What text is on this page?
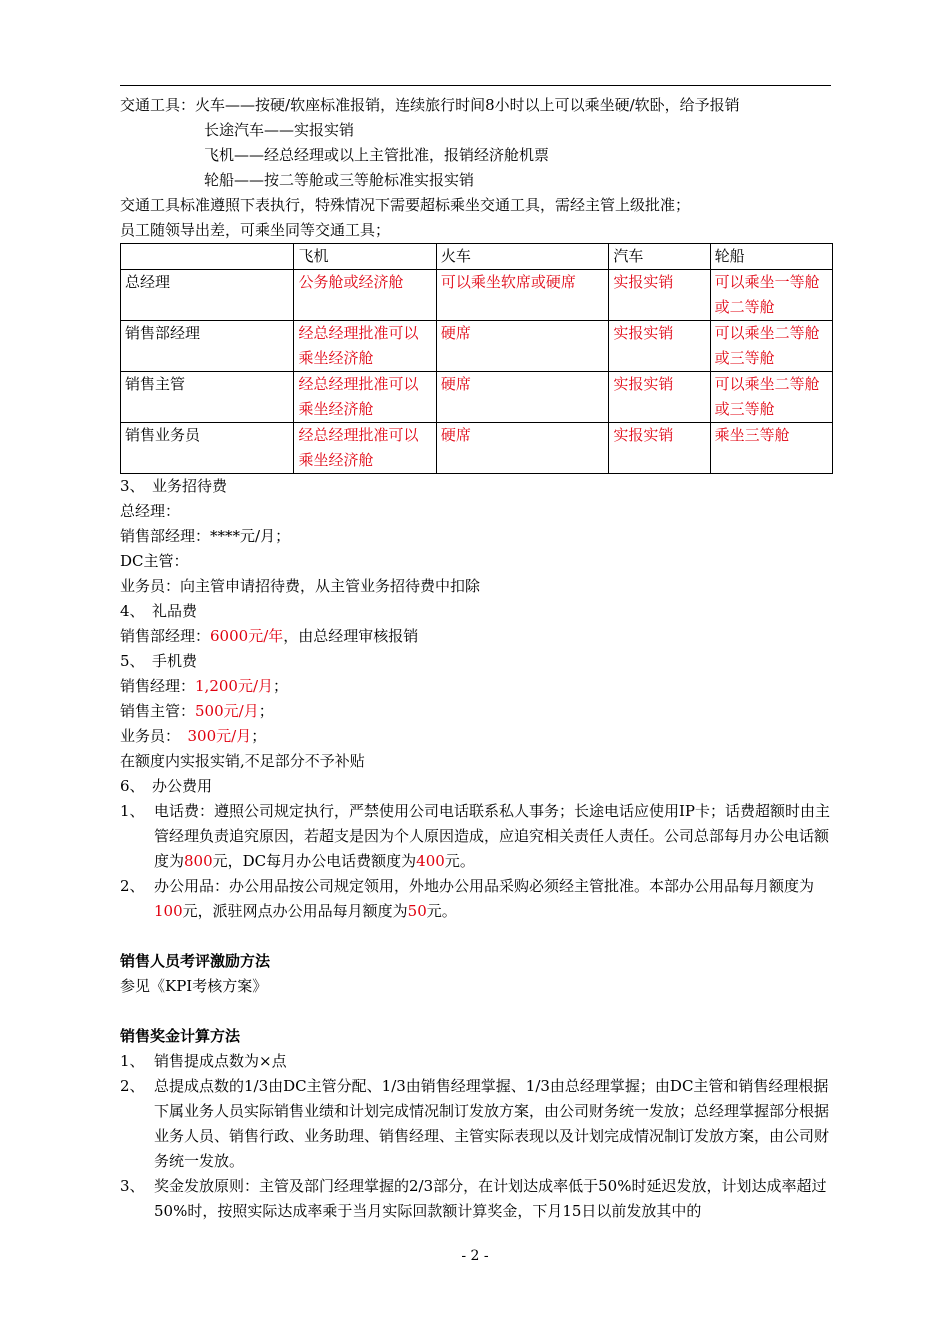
交通工具：火车——按硬/软座标准报销，连续旅行时间8小时以上可以乘坐硬/软卧，给予报销
长途汽车——实报实销
飞机——经总经理或以上主管批准，报销经济舱机票
轮船——按二等舱或三等舱标准实报实销
交通工具标准遵照下表执行，特殊情况下需要超标乘坐交通工具，需经主管上级批准；
员工随领导出差，可乘坐同等交通工具；
	飞机	火车	汽车	轮船
总经理	公务舱或经济舱	可以乘坐软席或硬席	实报实销	可以乘坐一等舱或二等舱
销售部经理	经总经理批准可以乘坐经济舱	硬席	实报实销	可以乘坐二等舱或三等舱
销售主管	经总经理批准可以乘坐经济舱	硬席	实报实销	可以乘坐二等舱或三等舱
销售业务员	经总经理批准可以乘坐经济舱	硬席	实报实销	乘坐三等舱
3、　业务招待费
总经理：
销售部经理：****元/月；
DC主管：
业务员：向主管申请招待费，从主管业务招待费中扣除
4、　礼品费
销售部经理：6000元/年，由总经理审核报销
5、　手机费
销售经理：1,200元/月；
销售主管：500元/月；
业务员：　300元/月；
在额度内实报实销,不足部分不予补贴
6、　办公费用
1、 电话费：遵照公司规定执行，严禁使用公司电话联系私人事务；长途电话应使用IP卡；话费超额时由主管经理负责追究原因，若超支是因为个人原因造成，应追究相关责任人责任。公司总部每月办公电话额度为800元，DC每月办公电话费额度为400元。
2、 办公用品：办公用品按公司规定领用，外地办公用品采购必须经主管批准。本部办公用品每月额度为100元，派驻网点办公用品每月额度为50元。
销售人员考评激励方法
参见《KPI考核方案》
销售奖金计算方法
1、 销售提成点数为×点
2、 总提成点数的1/3由DC主管分配、1/3由销售经理掌握、1/3由总经理掌握；由DC主管和销售经理根据下属业务人员实际销售业绩和计划完成情况制订发放方案，由公司财务统一发放；总经理掌握部分根据业务人员、销售行政、业务助理、销售经理、主管实际表现以及计划完成情况制订发放方案，由公司财务统一发放。
3、 奖金发放原则：主管及部门经理掌握的2/3部分，在计划达成率低于50%时延迟发放，计划达成率超过50%时，按照实际达成率乘于当月实际回款额计算奖金，下月15日以前发放其中的
- 2 -
